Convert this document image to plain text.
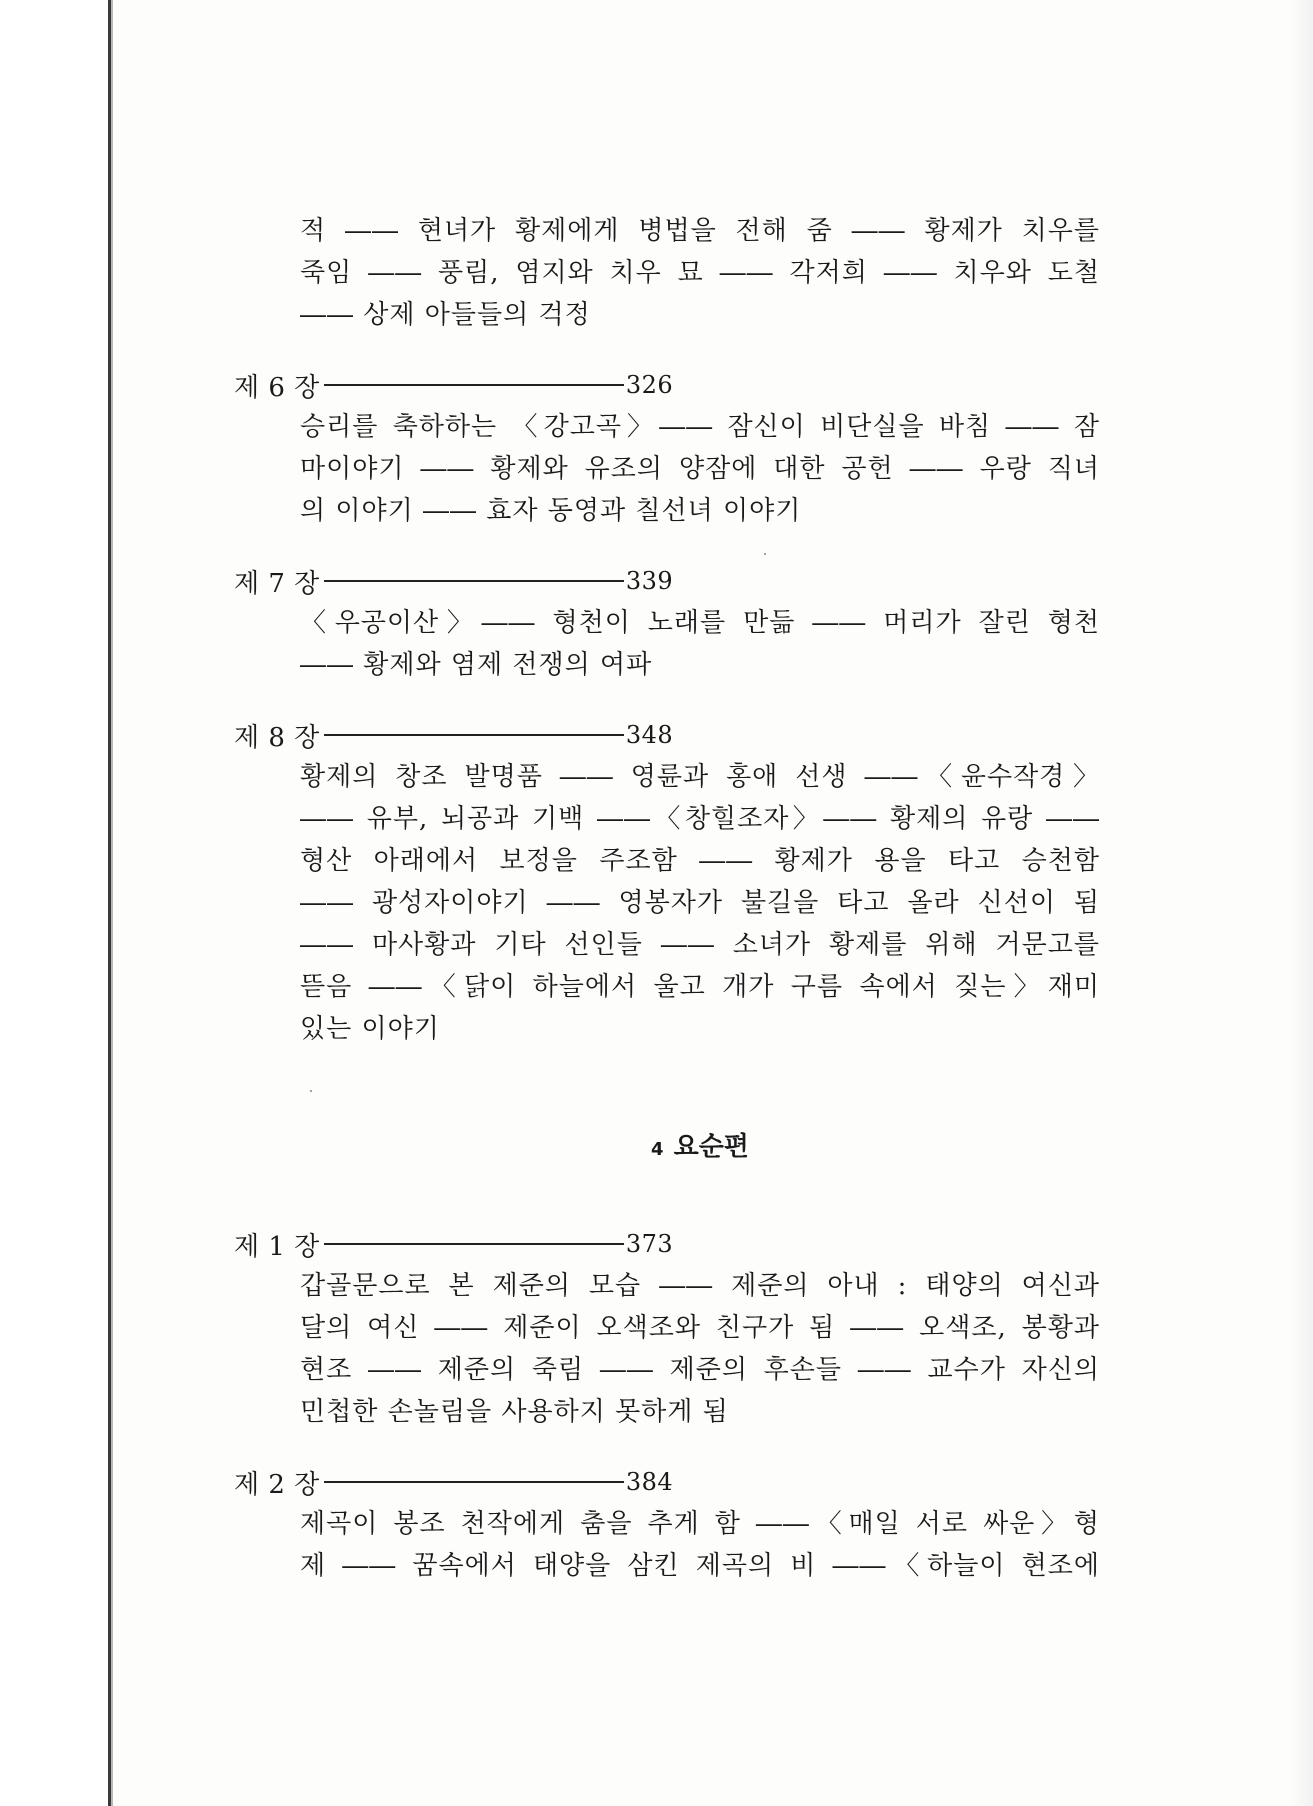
적 ―― 현녀가 황제에게 병법을 전해 줌 ―― 황제가 치우를
죽임 ―― 풍림, 염지와 치우 묘 ―― 각저희 ―― 치우와 도철
―― 상제 아들들의 걱정
제 6 장	326
승리를 축하하는 〈강고곡〉―― 잠신이 비단실을 바침 ―― 잠
마이야기 ―― 황제와 유조의 양잠에 대한 공헌 ―― 우랑 직녀
의 이야기 ―― 효자 동영과 칠선녀 이야기
제 7 장	339
〈우공이산〉―― 형천이 노래를 만듦 ―― 머리가 잘린 형천
―― 황제와 염제 전쟁의 여파
제 8 장	348
황제의 창조 발명품 ―― 영륜과 홍애 선생 ――〈윤수작경〉
―― 유부, 뇌공과 기백 ――〈창힐조자〉―― 황제의 유랑 ――
형산 아래에서 보정을 주조함 ―― 황제가 용을 타고 승천함
―― 광성자이야기 ―― 영봉자가 불길을 타고 올라 신선이 됨
―― 마사황과 기타 선인들 ―― 소녀가 황제를 위해 거문고를
뜯음 ――〈닭이 하늘에서 울고 개가 구름 속에서 짖는〉재미
있는 이야기
4 요순편
제 1 장	373
갑골문으로 본 제준의 모습 ―― 제준의 아내 : 태양의 여신과
달의 여신 ―― 제준이 오색조와 친구가 됨 ―― 오색조, 봉황과
현조 ―― 제준의 죽림 ―― 제준의 후손들 ―― 교수가 자신의
민첩한 손놀림을 사용하지 못하게 됨
제 2 장	384
제곡이 봉조 천작에게 춤을 추게 함 ――〈매일 서로 싸운〉형
제 ―― 꿈속에서 태양을 삼킨 제곡의 비 ――〈하늘이 현조에
